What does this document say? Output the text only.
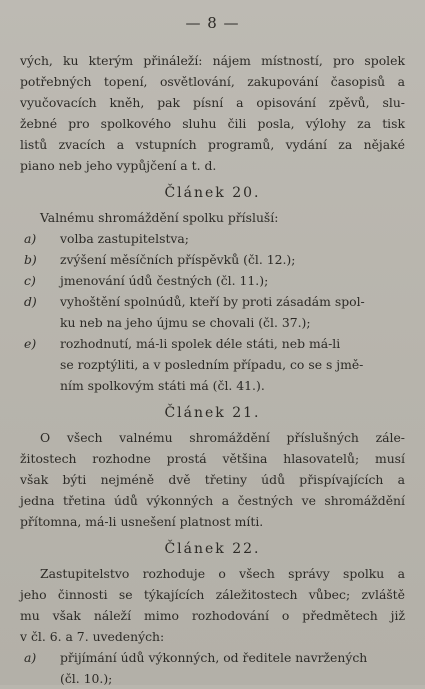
— 8 —
vých, ku kterým přináleží: nájem místností, pro spolek
potřebných topení, osvětlování, zakupování časopisů a
vyučovacích kněh, pak písní a opisování zpěvů, slu-
žebné pro spolkového sluhu čili posla, výlohy za tisk
listů zvacích a vstupních programů, vydání za nějaké
piano neb jeho vypůjčení a t. d.
Článek 20.
Valnému shromáždění spolku přísluší:
a)	volba zastupitelstva;
b)	zvýšení měsíčních příspěvků (čl. 12.);
c)	jmenování údů čestných (čl. 11.);
d)	vyhoštění spolnúdů, kteří by proti zásadám spol-
ku neb na jeho újmu se chovali (čl. 37.);
e)	rozhodnutí, má-li spolek déle státi, neb má-li
se rozptýliti, a v posledním případu, co se s jmě-
ním spolkovým státi má (čl. 41.).
Článek 21.
O všech valnému shromáždění příslušných zále-
žitostech rozhodne prostá většina hlasovatelů; musí
však býti nejméně dvě třetiny údů přispívajících a
jedna třetina údů výkonných a čestných ve shromáždění
přítomna, má-li usnešení platnost míti.
Článek 22.
Zastupitelstvo rozhoduje o všech správy spolku a
jeho činnosti se týkajících záležitostech vůbec; zvláště
mu však náleží mimo rozhodování o předmětech již
v čl. 6. a 7. uvedených:
a)	přijímání údů výkonných, od ředitele navržených
(čl. 10.);
